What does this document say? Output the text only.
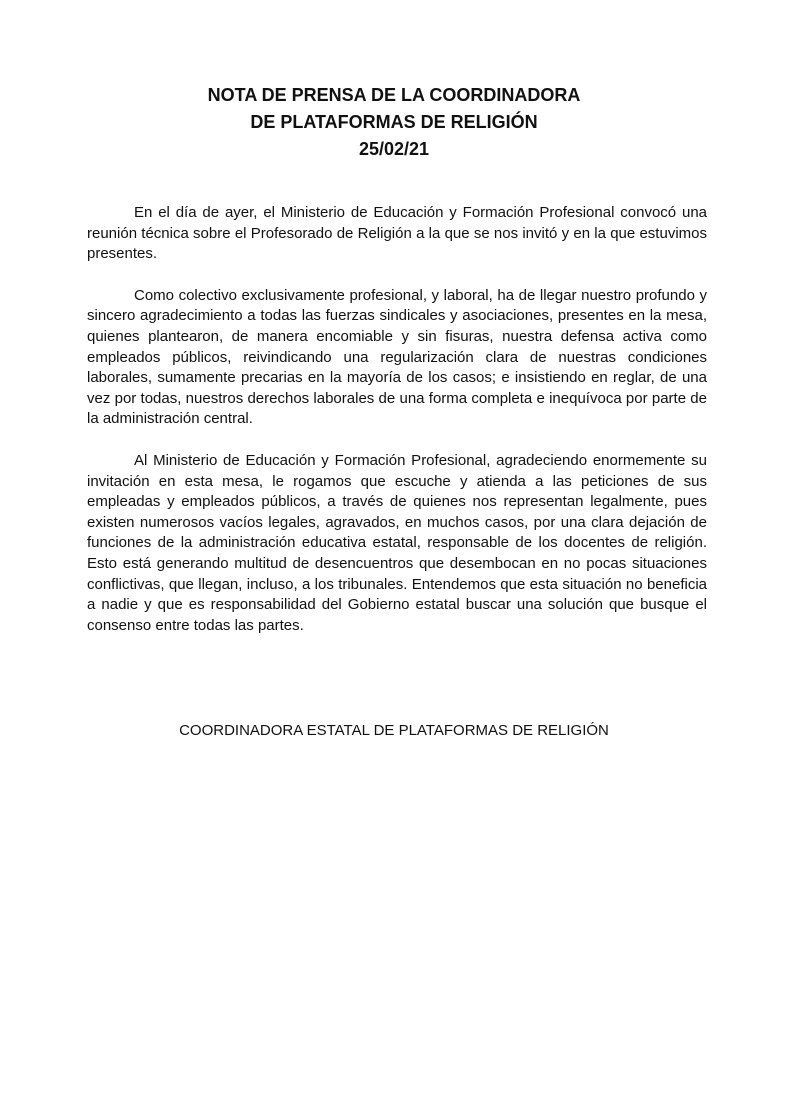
NOTA DE PRENSA DE LA COORDINADORA
DE PLATAFORMAS DE RELIGIÓN
25/02/21

En el día de ayer, el Ministerio de Educación y Formación Profesional convocó una reunión técnica sobre el Profesorado de Religión a la que se nos invitó y en la que estuvimos presentes.

Como colectivo exclusivamente profesional, y laboral, ha de llegar nuestro profundo y sincero agradecimiento a todas las fuerzas sindicales y asociaciones, presentes en la mesa, quienes plantearon, de manera encomiable y sin fisuras, nuestra defensa activa como empleados públicos, reivindicando una regularización clara de nuestras condiciones laborales, sumamente precarias en la mayoría de los casos; e insistiendo en reglar, de una vez por todas, nuestros derechos laborales de una forma completa e inequívoca por parte de la administración central.

Al Ministerio de Educación y Formación Profesional, agradeciendo enormemente su invitación en esta mesa, le rogamos que escuche y atienda a las peticiones de sus empleadas y empleados públicos, a través de quienes nos representan legalmente, pues existen numerosos vacíos legales, agravados, en muchos casos, por una clara dejación de funciones de la administración educativa estatal, responsable de los docentes de religión. Esto está generando multitud de desencuentros que desembocan en no pocas situaciones conflictivas, que llegan, incluso, a los tribunales. Entendemos que esta situación no beneficia a nadie y que es responsabilidad del Gobierno estatal buscar una solución que busque el consenso entre todas las partes.

COORDINADORA ESTATAL DE PLATAFORMAS DE RELIGIÓN
